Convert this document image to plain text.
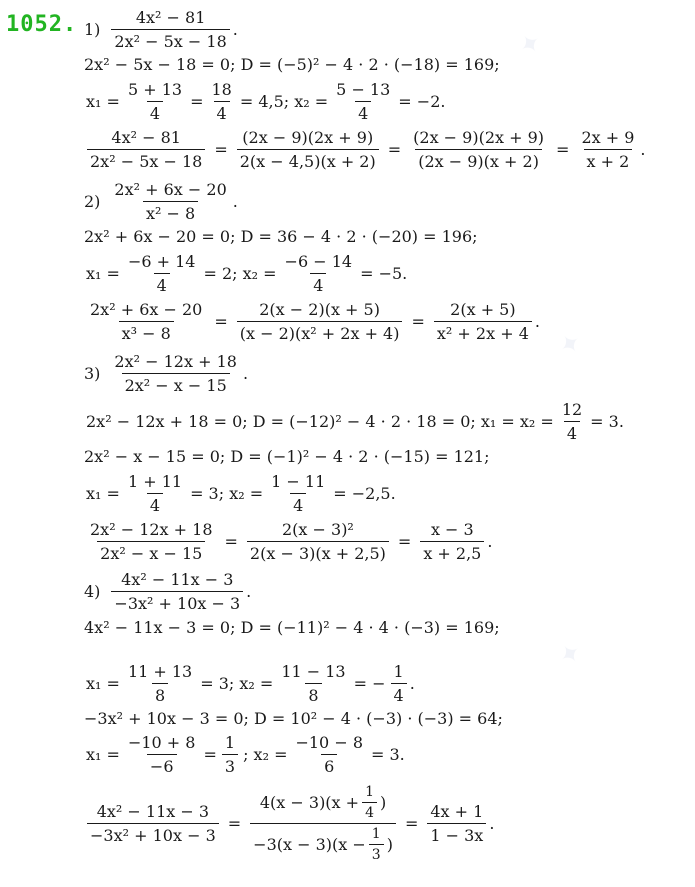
✦
✦
✦
1052. $1) \frac{\text{4x² − 81}}{\text{2x² − 5x − 18}}$ .
2x² − 5x − 18 = 0; D = (−5)² − 4 · 2 · (−18) = 169;
$x_1 = \frac{5 + 13}{4} = \frac{18}{4} = 4,5$; $x_2 = \frac{5 - 13}{4} = -2$.
$\frac{\text{4x² − 81}}{\text{2x² − 5x − 18}} = \frac{(2x - 9)(2x + 9)}{2(x - 4,5)(x + 2)} = \frac{(2x - 9)(2x + 9)}{(2x - 9)(x + 2)} = \frac{2x + 9}{x + 2}$ .
$2) \frac{\text{2x² + 6x − 20}}{\text{x² − 8}}$ .
2x² + 6x − 20 = 0; D = 36 − 4 · 2 · (−20) = 196;
$x_1 = \frac{-6 + 14}{4} = 2$; $x_2 = \frac{-6 - 14}{4} = -5$.
$\frac{\text{2x² + 6x − 20}}{\text{x³ − 8}} = \frac{2(x - 2)(x + 5)}{\text{(x − 2)(x² + 2x + 4)}} = \frac{2(x + 5)}{\text{x² + 2x + 4}}$ .
$3) \frac{\text{2x² − 12x + 18}}{\text{2x² − x − 15}}$ .
2x² − 12x + 18 = 0; D = (−12)² − 4 · 2 · 18 = 0; $x_1 = x_2 = \frac{12}{4} = 3$.
2x² − x − 15 = 0; D = (−1)² − 4 · 2 · (−15) = 121;
$x_1 = \frac{1 + 11}{4} = 3$; $x_2 = \frac{1 - 11}{4} = -2,5$.
$\frac{\text{2x² − 12x + 18}}{\text{2x² − x − 15}} = \frac{\text{2(x − 3)²}}{2(x - 3)(x + 2,5)} = \frac{x - 3}{x + 2,5}$ .
$4) \frac{\text{4x² − 11x − 3}}{\text{−3x² + 10x − 3}}$ .
4x² − 11x − 3 = 0; D = (−11)² − 4 · 4 · (−3) = 169;
$x_1 = \frac{11 + 13}{8} = 3$; $x_2 = \frac{11 - 13}{8}$ = − $\frac{1}{4}$ .
−3x² + 10x − 3 = 0; D = 10² − 4 · (−3) · (−3) = 64;
$x_1 = \frac{-10 + 8}{-6} = \frac{1}{3}$ ; $x_2 = \frac{-10 - 8}{6} = 3$.
$\frac{\text{4x² − 11x − 3}}{\text{−3x² + 10x − 3}}$ =
$4(x - 3)(x + \frac{1}{4}$ )
$-3(x - 3)(x - \frac{1}{3}$ )
= $\frac{4x + 1}{1 - 3x}$ .
